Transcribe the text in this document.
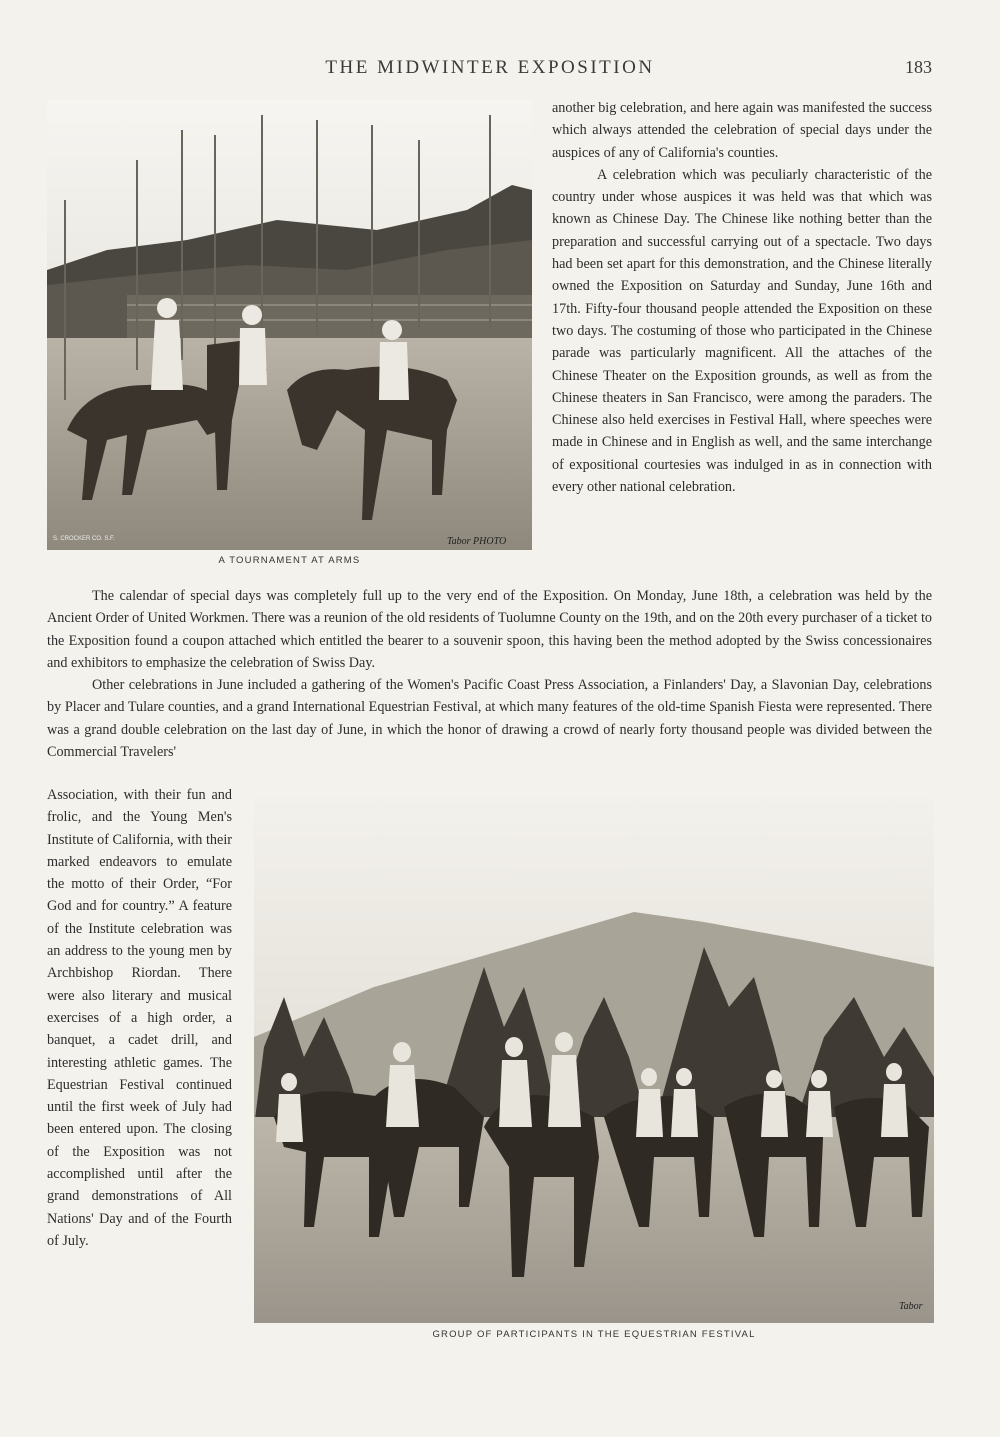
THE MIDWINTER EXPOSITION	183
S. CROCKER CO. S.F.	Tabor PHOTO
A TOURNAMENT AT ARMS

another big celebration, and here again was manifested the success which always attended the celebration of special days under the auspices of any of California's counties.

A celebration which was peculiarly characteristic of the country under whose auspices it was held was that which was known as Chinese Day. The Chinese like nothing better than the preparation and successful carrying out of a spectacle. Two days had been set apart for this demonstration, and the Chinese literally owned the Exposition on Saturday and Sunday, June 16th and 17th. Fifty-four thousand people attended the Exposition on these two days. The costuming of those who participated in the Chinese parade was particularly magnificent. All the attaches of the Chinese Theater on the Exposition grounds, as well as from the Chinese theaters in San Francisco, were among the paraders. The Chinese also held exercises in Festival Hall, where speeches were made in Chinese and in English as well, and the same interchange of expositional courtesies was indulged in as in connection with every other national celebration.

The calendar of special days was completely full up to the very end of the Exposition. On Monday, June 18th, a celebration was held by the Ancient Order of United Workmen. There was a reunion of the old residents of Tuolumne County on the 19th, and on the 20th every purchaser of a ticket to the Exposition found a coupon attached which entitled the bearer to a souvenir spoon, this having been the method adopted by the Swiss concessionaires and exhibitors to emphasize the celebration of Swiss Day.

Other celebrations in June included a gathering of the Women's Pacific Coast Press Association, a Finlanders' Day, a Slavonian Day, celebrations by Placer and Tulare counties, and a grand International Equestrian Festival, at which many features of the old-time Spanish Fiesta were represented. There was a grand double celebration on the last day of June, in which the honor of drawing a crowd of nearly forty thousand people was divided between the Commercial Travelers'

Association, with their fun and frolic, and the Young Men's Institute of California, with their marked endeavors to emulate the motto of their Order, “For God and for country.” A feature of the Institute celebration was an address to the young men by Archbishop Riordan. There were also literary and musical exercises of a high order, a banquet, a cadet drill, and interesting athletic games. The Equestrian Festival continued until the first week of July had been entered upon. The closing of the Exposition was not accomplished until after the grand demonstrations of All Nations' Day and of the Fourth of July.

Tabor
GROUP OF PARTICIPANTS IN THE EQUESTRIAN FESTIVAL
